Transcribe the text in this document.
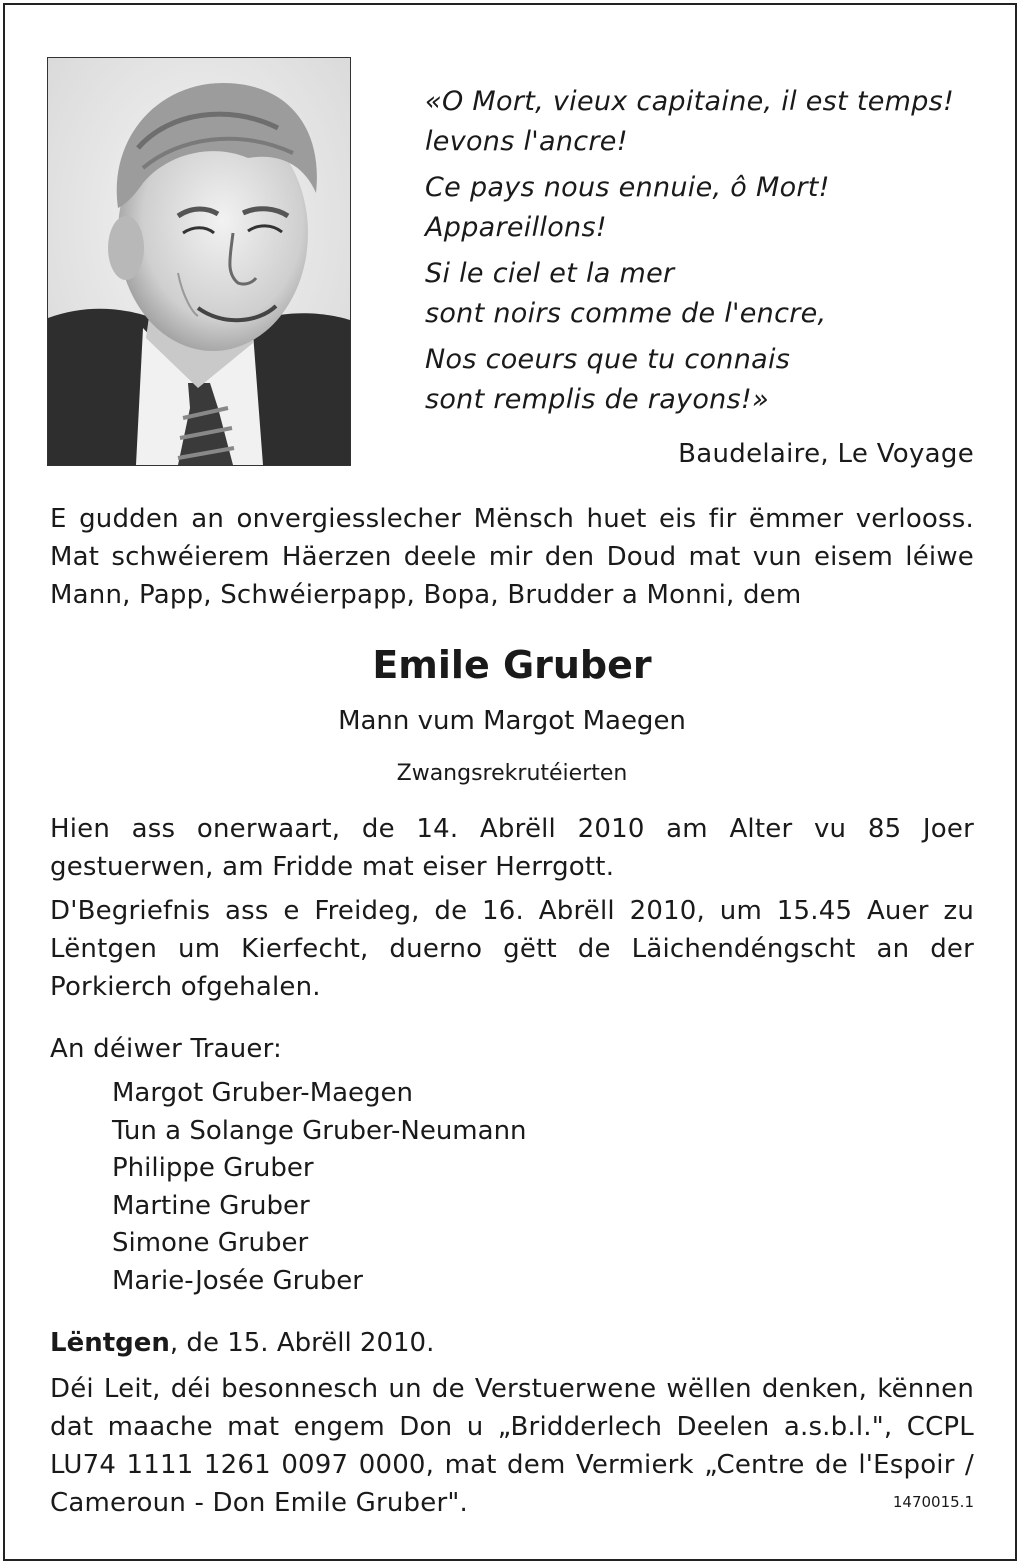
«O Mort, vieux capitaine, il est temps!
levons l'ancre!
Ce pays nous ennuie, ô Mort!
Appareillons!
Si le ciel et la mer
sont noirs comme de l'encre,
Nos coeurs que tu connais
sont remplis de rayons!»
Baudelaire, Le Voyage
E gudden an onvergiesslecher Mënsch huet eis fir ëmmer verlooss.
Mat schwéierem Häerzen deele mir den Doud mat vun eisem léiwe
Mann, Papp, Schwéierpapp, Bopa, Brudder a Monni, dem
Emile Gruber
Mann vum Margot Maegen
Zwangsrekrutéierten
Hien ass onerwaart, de 14. Abrëll 2010 am Alter vu 85 Joer
gestuerwen, am Fridde mat eiser Herrgott.
D'Begriefnis ass e Freideg, de 16. Abrëll 2010, um 15.45 Auer zu
Lëntgen um Kierfecht, duerno gëtt de Läichendéngscht an der
Porkierch ofgehalen.
An déiwer Trauer:
Margot Gruber-Maegen
Tun a Solange Gruber-Neumann
Philippe Gruber
Martine Gruber
Simone Gruber
Marie-Josée Gruber
Lëntgen, de 15. Abrëll 2010.
Déi Leit, déi besonnesch un de Verstuerwene wëllen denken, kënnen
dat maache mat engem Don u „Bridderlech Deelen a.s.b.l.", CCPL
LU74 1111 1261 0097 0000, mat dem Vermierk „Centre de l'Espoir /
Cameroun - Don Emile Gruber".	1470015.1
